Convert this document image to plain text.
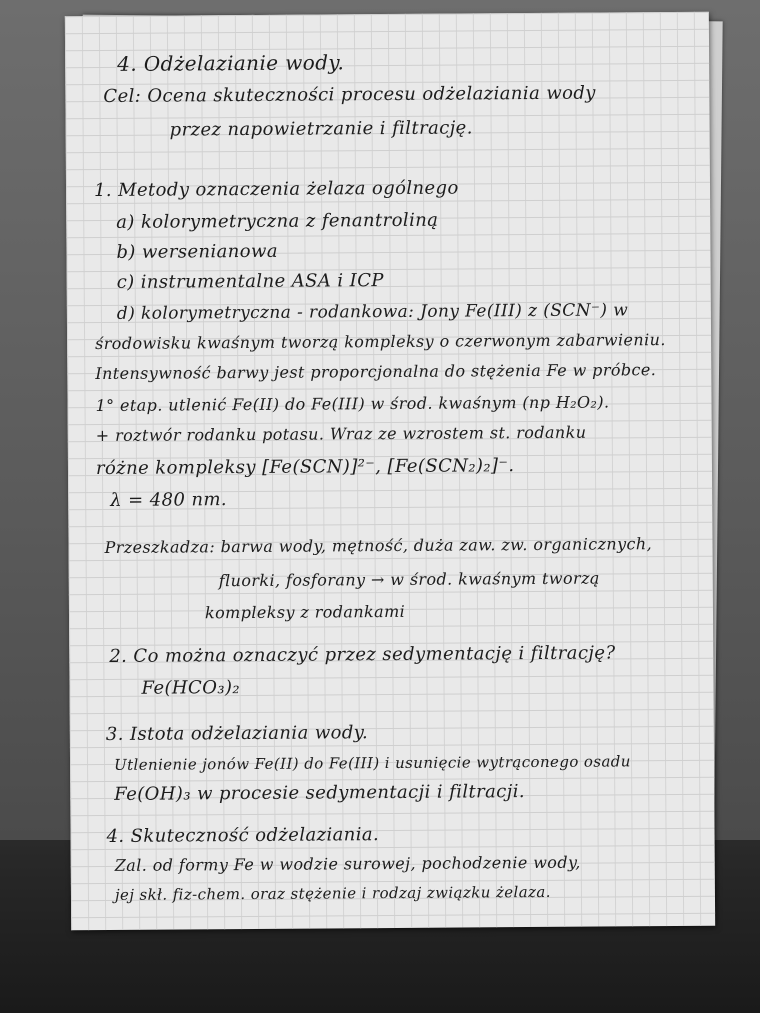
4. Odżelazianie wody.
Cel: Ocena skuteczności procesu odżelaziania wody
przez napowietrzanie i filtrację.
1. Metody oznaczenia żelaza ogólnego
a) kolorymetryczna z fenantroliną
b) wersenianowa
c) instrumentalne ASA i ICP
d) kolorymetryczna - rodankowa: Jony Fe(III) z (SCN⁻) w
środowisku kwaśnym tworzą kompleksy o czerwonym zabarwieniu.
Intensywność barwy jest proporcjonalna do stężenia Fe w próbce.
1° etap. utlenić Fe(II) do Fe(III) w środ. kwaśnym (np H₂O₂).
+ roztwór rodanku potasu. Wraz ze wzrostem st. rodanku
różne kompleksy [Fe(SCN)]²⁻, [Fe(SCN₂)₂]⁻.
λ = 480 nm.
Przeszkadza: barwa wody, mętność, duża zaw. zw. organicznych,
fluorki, fosforany → w środ. kwaśnym tworzą
kompleksy z rodankami
2. Co można oznaczyć przez sedymentację i filtrację?
Fe(HCO₃)₂
3. Istota odżelaziania wody.
Utlenienie jonów Fe(II) do Fe(III) i usunięcie wytrąconego osadu
Fe(OH)₃ w procesie sedymentacji i filtracji.
4. Skuteczność odżelaziania.
Zal. od formy Fe w wodzie surowej, pochodzenie wody,
jej skł. fiz-chem. oraz stężenie i rodzaj związku żelaza.
